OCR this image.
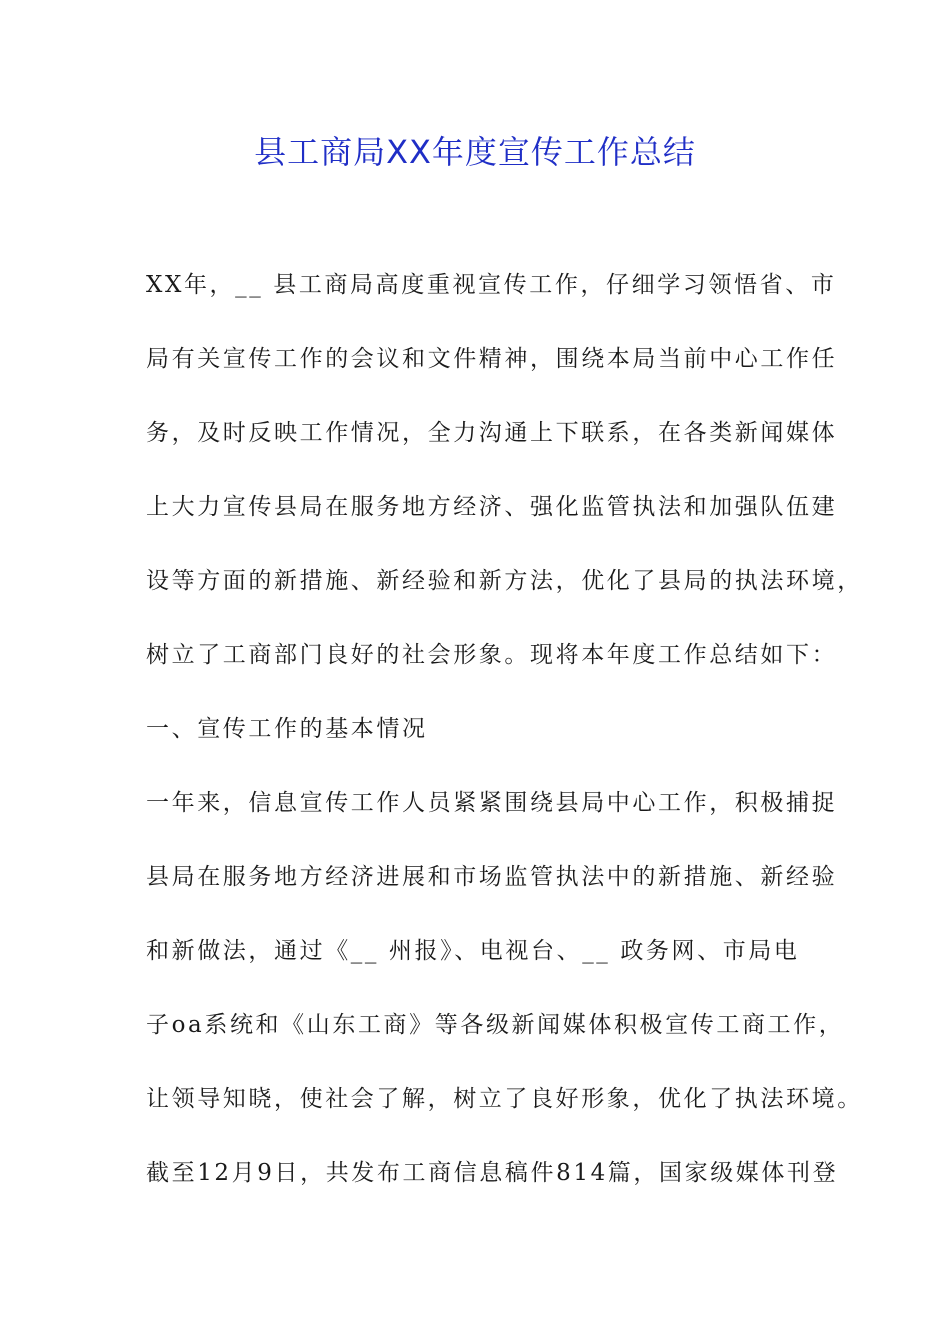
县工商局XX年度宣传工作总结
XX年，__ 县工商局高度重视宣传工作，仔细学习领悟省、市
局有关宣传工作的会议和文件精神，围绕本局当前中心工作任
务，及时反映工作情况，全力沟通上下联系，在各类新闻媒体
上大力宣传县局在服务地方经济、强化监管执法和加强队伍建
设等方面的新措施、新经验和新方法，优化了县局的执法环境，
树立了工商部门良好的社会形象。现将本年度工作总结如下：
一、宣传工作的基本情况
一年来，信息宣传工作人员紧紧围绕县局中心工作，积极捕捉
县局在服务地方经济进展和市场监管执法中的新措施、新经验
和新做法，通过《__ 州报》、电视台、__ 政务网、市局电
子oa系统和《山东工商》等各级新闻媒体积极宣传工商工作，
让领导知晓，使社会了解，树立了良好形象，优化了执法环境。
截至12月9日，共发布工商信息稿件814篇，国家级媒体刊登
